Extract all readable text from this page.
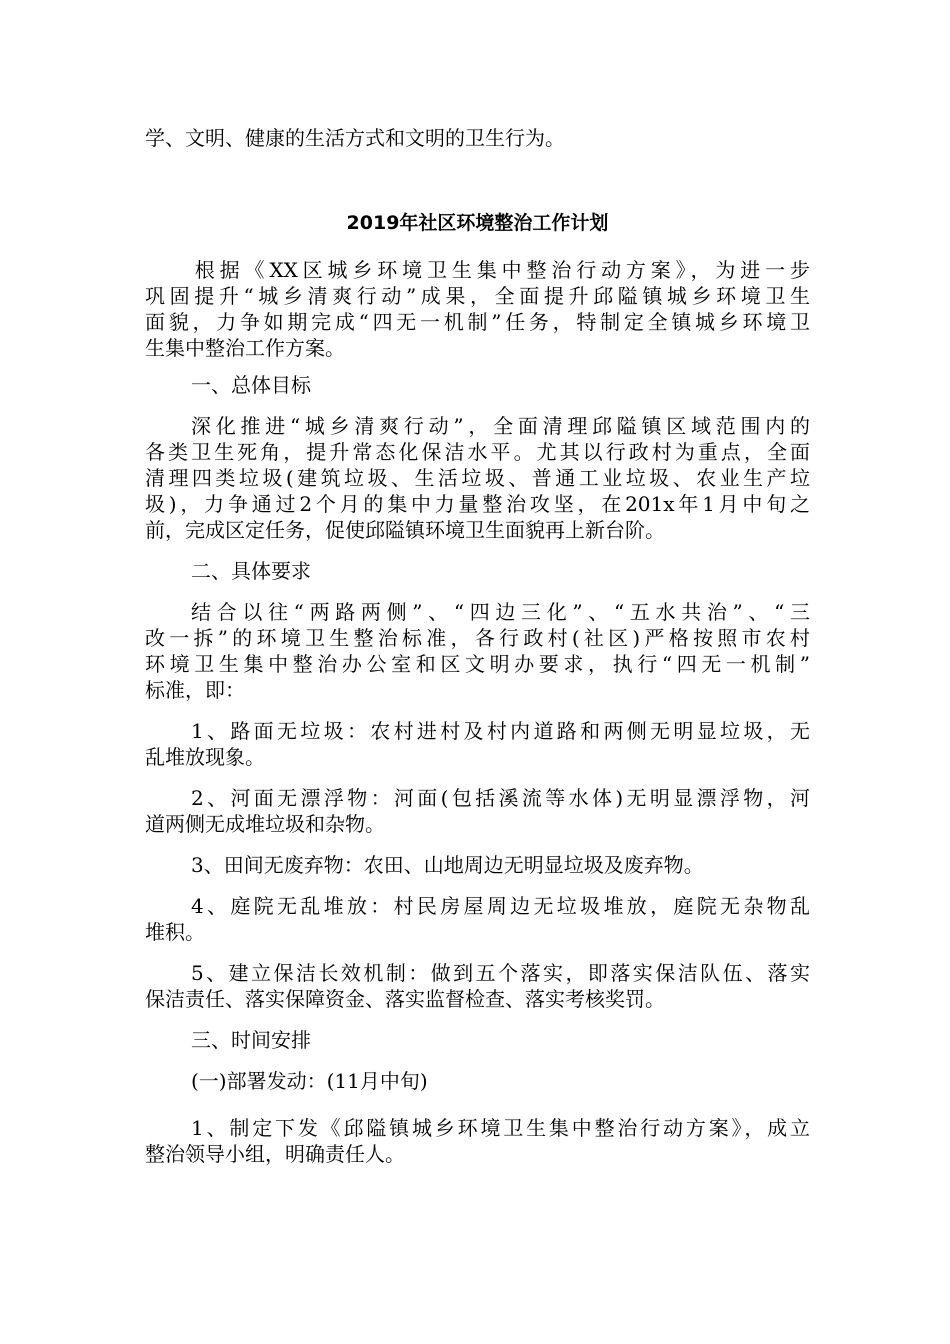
学、文明、健康的生活方式和文明的卫生行为。
2019年社区环境整治工作计划
　　根据《XX区城乡环境卫生集中整治行动方案》，为进一步
巩固提升“城乡清爽行动”成果，全面提升邱隘镇城乡环境卫生
面貌，力争如期完成“四无一机制”任务，特制定全镇城乡环境卫
生集中整治工作方案。
一、总体目标
深化推进“城乡清爽行动”，全面清理邱隘镇区域范围内的
各类卫生死角，提升常态化保洁水平。尤其以行政村为重点，全面
清理四类垃圾(建筑垃圾、生活垃圾、普通工业垃圾、农业生产垃
圾)，力争通过2个月的集中力量整治攻坚，在201x年1月中旬之
前，完成区定任务，促使邱隘镇环境卫生面貌再上新台阶。
二、具体要求
结合以往“两路两侧”、“四边三化”、“五水共治”、“三
改一拆”的环境卫生整治标准，各行政村(社区)严格按照市农村
环境卫生集中整治办公室和区文明办要求，执行“四无一机制”
标准，即：
1、路面无垃圾：农村进村及村内道路和两侧无明显垃圾，无
乱堆放现象。
2、河面无漂浮物：河面(包括溪流等水体)无明显漂浮物，河
道两侧无成堆垃圾和杂物。
3、田间无废弃物：农田、山地周边无明显垃圾及废弃物。
4、庭院无乱堆放：村民房屋周边无垃圾堆放，庭院无杂物乱
堆积。
5、建立保洁长效机制：做到五个落实，即落实保洁队伍、落实
保洁责任、落实保障资金、落实监督检查、落实考核奖罚。
三、时间安排
(一)部署发动：(11月中旬)
1、制定下发《邱隘镇城乡环境卫生集中整治行动方案》，成立
整治领导小组，明确责任人。
